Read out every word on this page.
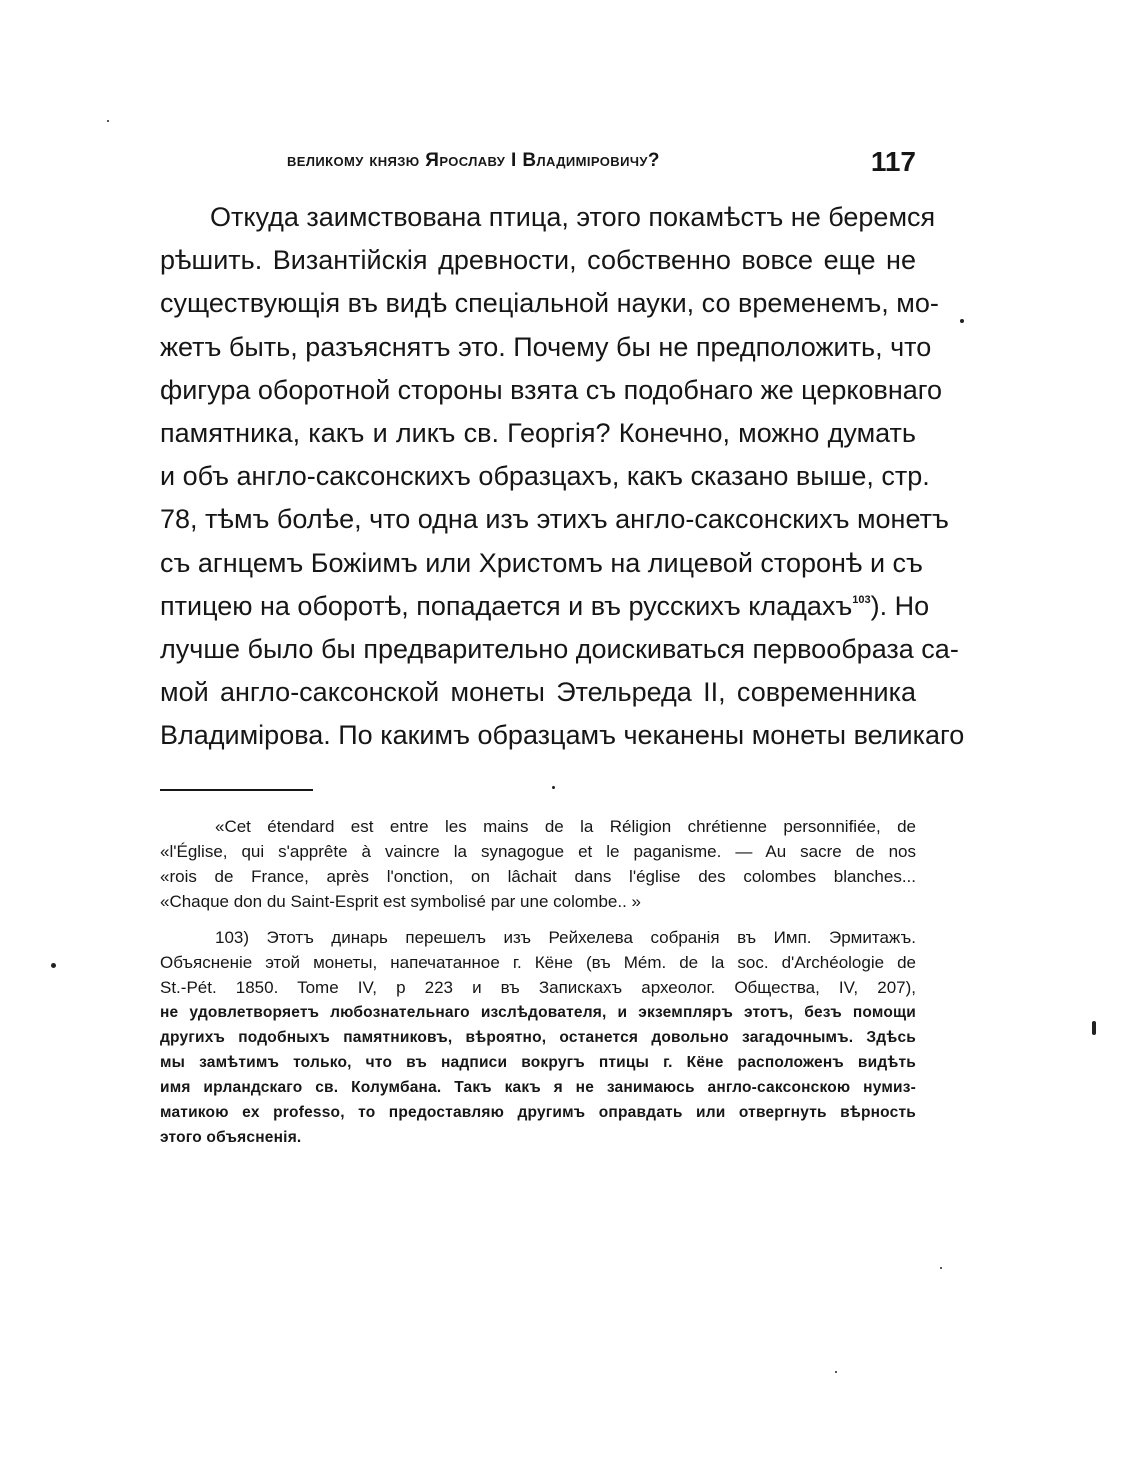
великому князю Ярославу I Владиміровичу?	117
Откуда заимствована птица, этого покамѣстъ не беремся
рѣшить. Византійскія древности, собственно вовсе еще не
существующія въ видѣ спеціальной науки, со временемъ, мо-
жетъ быть, разъяснятъ это. Почему бы не предположить, что
фигура оборотной стороны взята съ подобнаго же церковнаго
памятника, какъ и ликъ св. Георгія? Конечно, можно думать
и объ англо-саксонскихъ образцахъ, какъ сказано выше, стр.
78, тѣмъ болѣе, что одна изъ этихъ англо-саксонскихъ монетъ
съ агнцемъ Божіимъ или Христомъ на лицевой сторонѣ и съ
птицею на оборотѣ, попадается и въ русскихъ кладахъ$^{103}$). Но
лучше было бы предварительно доискиваться первообраза са-
мой англо-саксонской монеты Этельреда II, современника
Владимірова. По какимъ образцамъ чеканены монеты великаго
«Cet étendard est entre les mains de la Réligion chrétienne personnifiée, de
«l'Église, qui s'apprête à vaincre la synagogue et le paganisme. — Au sacre de nos
«rois de France, après l'onction, on lâchait dans l'église des colombes blanches...
«Chaque don du Saint-Esprit est symbolisé par une colombe.. »
103) Этотъ динарь перешелъ изъ Рейхелева собранія въ Имп. Эрмитажъ.
Объясненіе этой монеты, напечатанное г. Кёне (въ Mém. de la soc. d'Archéologie de
St.-Pét. 1850. Tome IV, p 223 и въ Запискахъ археолог. Общества, IV, 207),
не удовлетворяетъ любознательнаго изслѣдователя, и экземпляръ этотъ, безъ помощи
другихъ подобныхъ памятниковъ, вѣроятно, останется довольно загадочнымъ. Здѣсь
мы замѣтимъ только, что въ надписи вокругъ птицы г. Кёне расположенъ видѣть
имя ирландскаго св. Колумбана. Такъ какъ я не занимаюсь англо-саксонскою нумиз-
матикою ex professo, то предоставляю другимъ оправдать или отвергнуть вѣрность
этого объясненія.
